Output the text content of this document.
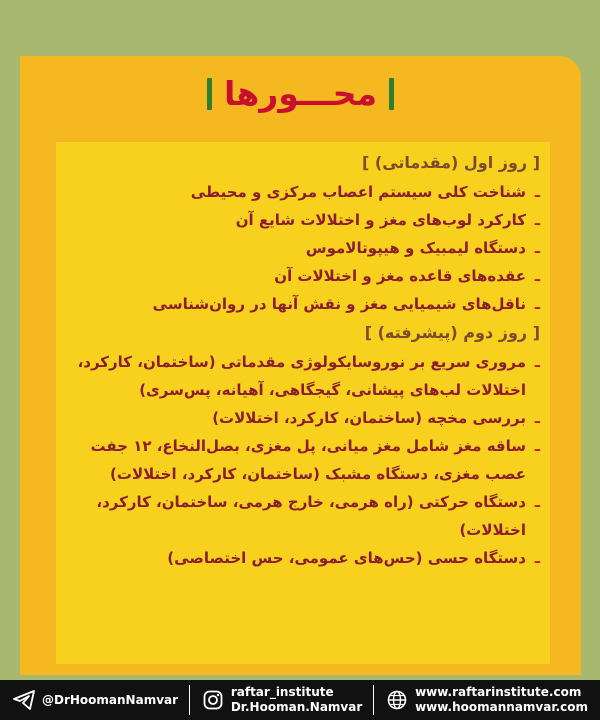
محـــورها
[ روز اول (مقدماتی) ]
ـ
شناخت کلی سیستم اعصاب مرکزی و محیطی
ـ
کارکرد لوب‌های مغز و اختلالات شایع آن
ـ
دستگاه لیمبیک و هیپوتالاموس
ـ
عقده‌های قاعده مغز و اختلالات آن
ـ
ناقل‌های شیمیایی مغز و نقش آنها در روان‌شناسی
[ روز دوم (پیشرفته) ]
ـ
مروری سریع بر نوروسایکولوژی مقدماتی (ساختمان، کارکرد، اختلالات لب‌های پیشانی، گیجگاهی، آهیانه، پس‌سری)
ـ
بررسی مخچه (ساختمان، کارکرد، اختلالات)
ـ
ساقه مغز شامل مغز میانی، پل مغزی، بصل‌النخاع، ۱۲ جفت عصب مغزی، دستگاه مشبک (ساختمان، کارکرد، اختلالات)
ـ
دستگاه حرکتی (راه هرمی، خارج هرمی، ساختمان، کارکرد، اختلالات)
ـ
دستگاه حسی (حس‌های عمومی، حس اختصاصی)
@DrHoomanNamvar
raftar_institute
Dr.Hooman.Namvar
www.raftarinstitute.com
www.hoomannamvar.com
